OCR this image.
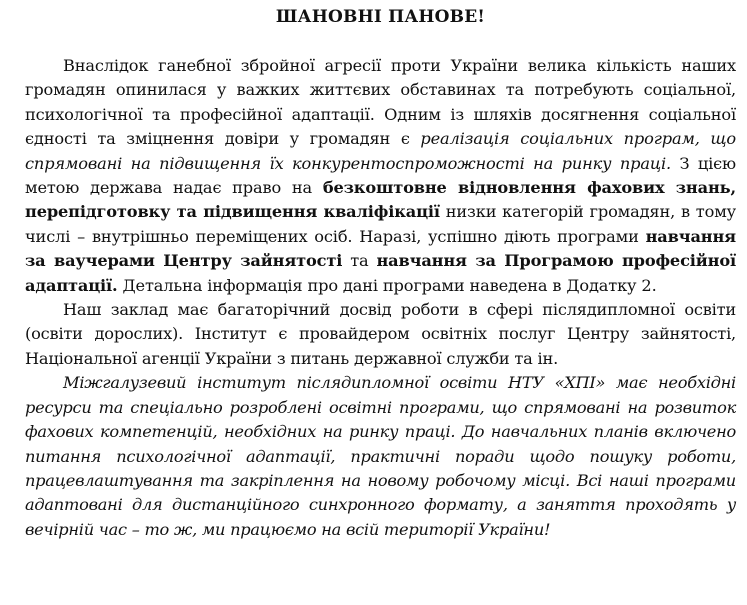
ШАНОВНІ ПАНОВЕ!

Внаслідок ганебної збройної агресії проти України велика кількість наших громадян опинилася у важких життєвих обставинах та потребують соціальної, психологічної та професійної адаптації. Одним із шляхів досягнення соціальної єдності та зміцнення довіри у громадян є реалізація соціальних програм, що спрямовані на підвищення їх конкурентоспроможності на ринку праці. З цією метою держава надає право на безкоштовне відновлення фахових знань, перепідготовку та підвищення кваліфікації низки категорій громадян, в тому числі – внутрішньо переміщених осіб. Наразі, успішно діють програми навчання за ваучерами Центру зайнятості та навчання за Програмою професійної адаптації. Детальна інформація про дані програми наведена в Додатку 2.

Наш заклад має багаторічний досвід роботи в сфері післядипломної освіти (освіти дорослих). Інститут є провайдером освітніх послуг Центру зайнятості, Національної агенції України з питань державної служби та ін.

Міжгалузевий інститут післядипломної освіти НТУ «ХПІ» має необхідні ресурси та спеціально розроблені освітні програми, що спрямовані на розвиток фахових компетенцій, необхідних на ринку праці. До навчальних планів включено питання психологічної адаптації, практичні поради щодо пошуку роботи, працевлаштування та закріплення на новому робочому місці. Всі наші програми адаптовані для дистанційного синхронного формату, а заняття проходять у вечірній час – то ж, ми працюємо на всій території України!
